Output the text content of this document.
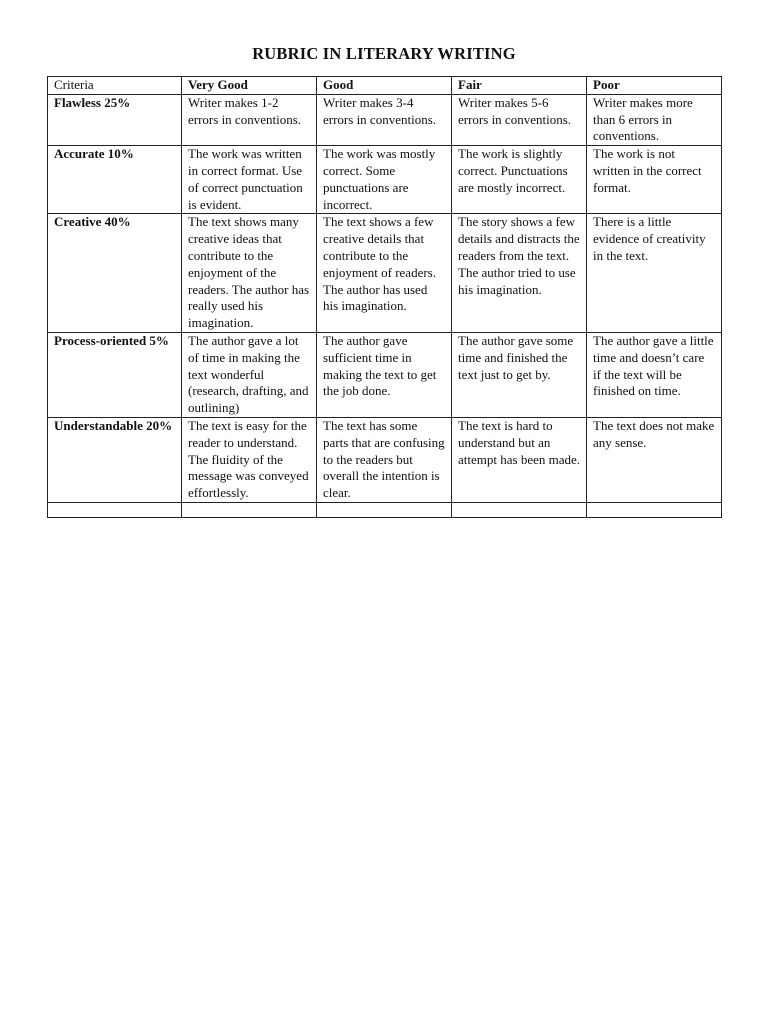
RUBRIC IN LITERARY WRITING
Criteria	Very Good	Good	Fair	Poor
Flawless 25%	Writer makes 1-2 errors in conventions.	Writer makes 3-4 errors in conventions.	Writer makes 5-6 errors in conventions.	Writer makes more than 6 errors in conventions.
Accurate 10%	The work was written in correct format. Use of correct punctuation is evident.	The work was mostly correct. Some punctuations are incorrect.	The work is slightly correct. Punctuations are mostly incorrect.	The work is not written in the correct format.
Creative 40%	The text shows many creative ideas that contribute to the enjoyment of the readers. The author has really used his imagination.	The text shows a few creative details that contribute to the enjoyment of readers. The author has used his imagination.	The story shows a few details and distracts the readers from the text. The author tried to use his imagination.	There is a little evidence of creativity in the text.
Process-oriented 5%	The author gave a lot of time in making the text wonderful (research, drafting, and outlining)	The author gave sufficient time in making the text to get the job done.	The author gave some time and finished the text just to get by.	The author gave a little time and doesn’t care if the text will be finished on time.
Understandable 20%	The text is easy for the reader to understand. The fluidity of the message was conveyed effortlessly.	The text has some parts that are confusing to the readers but overall the intention is clear.	The text is hard to understand but an attempt has been made.	The text does not make any sense.
